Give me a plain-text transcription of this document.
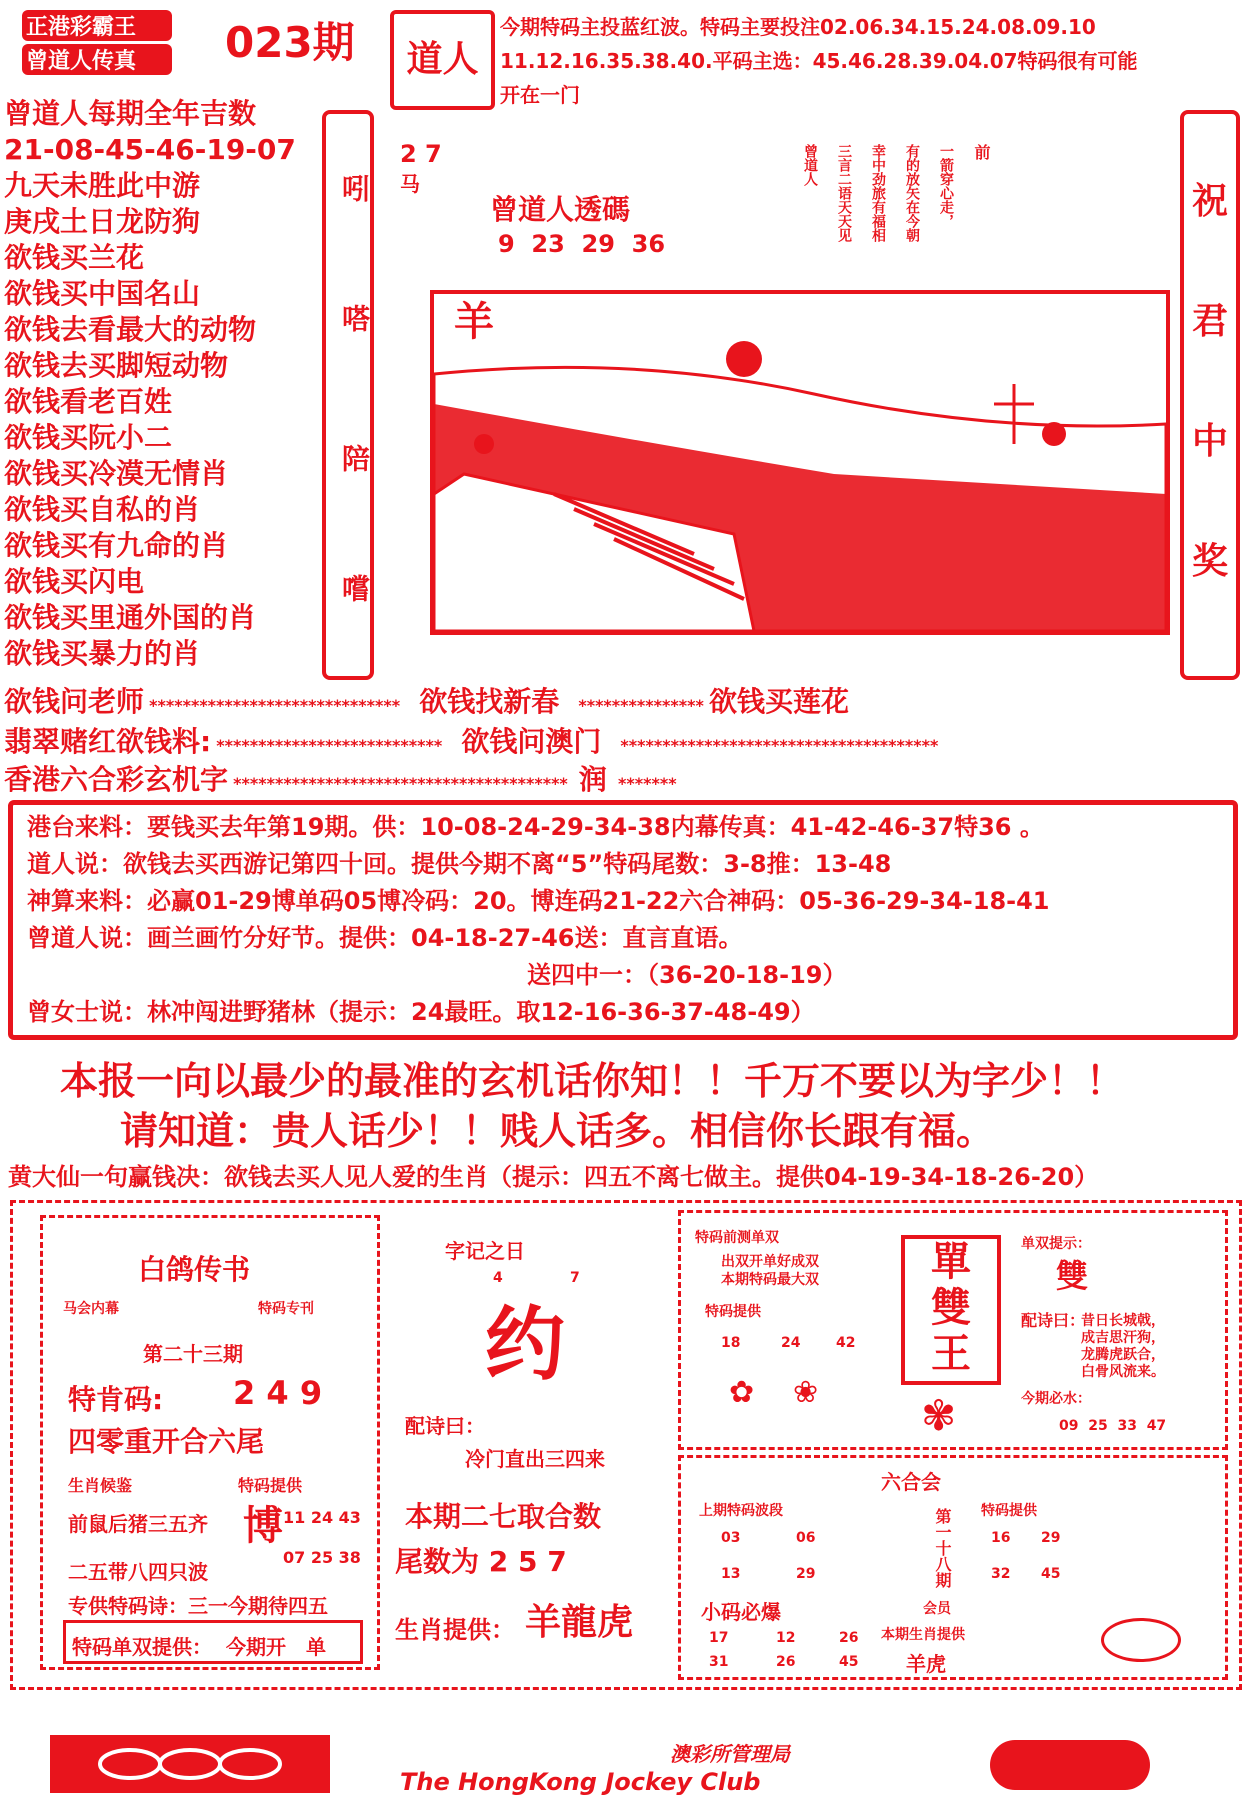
正港彩霸王
曾道人传真	023期 道人
今期特码主投蓝红波。特码主要投注02.06.34.15.24.08.09.10
11.12.16.35.38.40.平码主选：45.46.28.39.04.07特码很有可能
开在一门
曾道人每期全年吉数
21-08-45-46-19-07
九天未胜此中游
庚戌土日龙防狗
欲钱买兰花
欲钱买中国名山
欲钱去看最大的动物
欲钱去买脚短动物
欲钱看老百姓
欲钱买阮小二
欲钱买冷漠无情肖
欲钱买自私的肖
欲钱买有九命的肖
欲钱买闪电
欲钱买里通外国的肖
欲钱买暴力的肖
吲
嗒
陪
嚐
2 7
马
曾道人透碼
9  23  29  36
前
一箭穿心走，
有的放矢在今朝
幸中劲旅有福相
三言二语天天见
曾道人
羊
祝
君
中
奖
欲钱问老师 ****************************** 欲钱找新春 *************** 欲钱买莲花
翡翠赌红欲钱料: *************************** 欲钱问澳门 **************************************
香港六合彩玄机字 **************************************** 润 *******
港台来料：要钱买去年第19期。供：10-08-24-29-34-38内幕传真：41-42-46-37特36 。
道人说：欲钱去买西游记第四十回。提供今期不离“5”特码尾数：3-8推：13-48
神算来料：必赢01-29博单码05博冷码：20。博连码21-22六合神码：05-36-29-34-18-41
曾道人说：画兰画竹分好节。提供：04-18-27-46送：直言直语。
送四中一：（36-20-18-19）
曾女士说：林冲闯进野猪林（提示：24最旺。取12-16-36-37-48-49）
本报一向以最少的最准的玄机话你知！！千万不要以为字少！！
请知道：贵人话少！！贱人话多。相信你长跟有福。
黄大仙一句赢钱决：欲钱去买人见人爱的生肖（提示：四五不离七做主。提供04-19-34-18-26-20）
白鸽传书
马会内幕	特码专刊
第二十三期
特肯码: 2 4 9
四零重开合六尾
生肖候鉴	特码提供
前鼠后猪三五齐 博 11 24 43
07 25 38
二五带八四只波
专供特码诗：三一今期待四五
特码单双提供： 今期开　单
字记之日
4	7
约
配诗曰：
冷门直出三四来
本期二七取合数
尾数为 2 5 7
生肖提供： 羊龍虎
特码前测单双
出双开单好成双
本期特码最大双
特码提供
18	24	42
✿ ❀
單
雙
王
✾
单双提示：
雙
配诗曰：
昔日长城戟，
成吉思汗狗，
龙腾虎跃合，
白骨风流来。
今期必水：
09  25  33  47
六合会
上期特码波段
03	06
13	29
小码必爆
17	12	26
31	26	45
第一十八期
会员
特码提供
16 29
32 45
本期生肖提供
羊虎
澳彩所管理局
The HongKong Jockey Club
